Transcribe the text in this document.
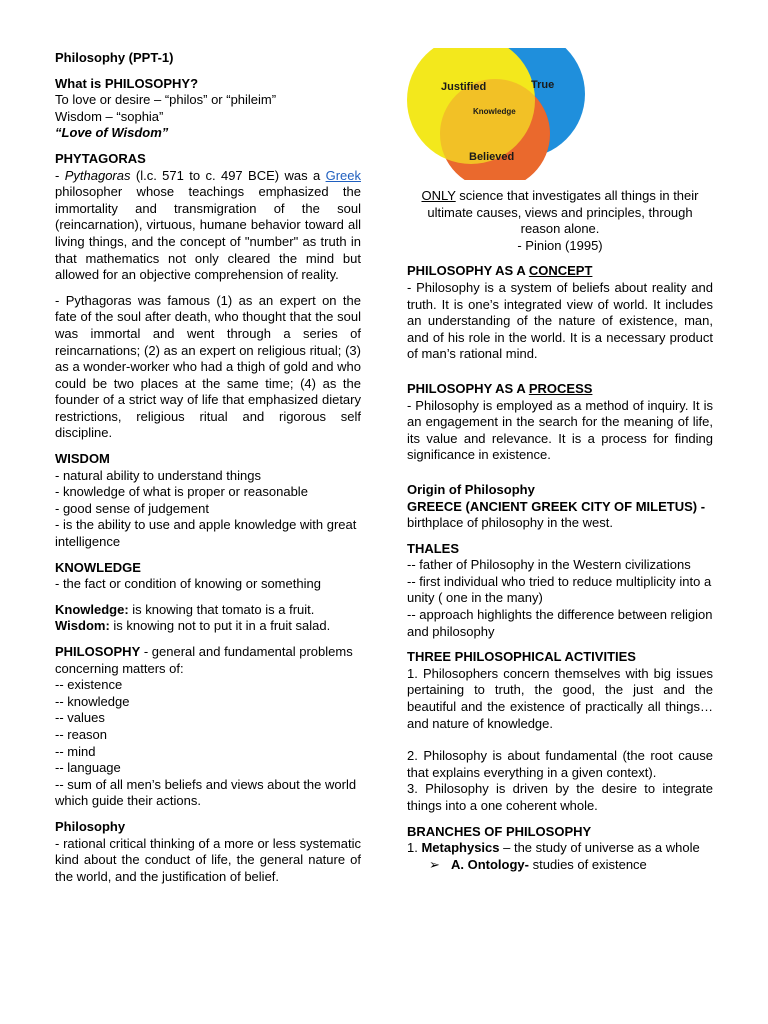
Philosophy (PPT-1)

What is PHILOSOPHY?

To love or desire – “philos” or “phileim”

Wisdom – “sophia”

“Love of Wisdom”

PHYTAGORAS

- Pythagoras (l.c. 571 to c. 497 BCE) was a Greek philosopher whose teachings emphasized the immortality and transmigration of the soul (reincarnation), virtuous, humane behavior toward all living things, and the concept of "number" as truth in that mathematics not only cleared the mind but allowed for an objective comprehension of reality.

- Pythagoras was famous (1) as an expert on the fate of the soul after death, who thought that the soul was immortal and went through a series of reincarnations; (2) as an expert on religious ritual; (3) as a wonder-worker who had a thigh of gold and who could be two places at the same time; (4) as the founder of a strict way of life that emphasized dietary restrictions, religious ritual and rigorous self discipline.

WISDOM

- natural ability to understand things

- knowledge of what is proper or reasonable

- good sense of judgement

- is the ability to use and apple knowledge with great intelligence

KNOWLEDGE

- the fact or condition of knowing or something

Knowledge: is knowing that tomato is a fruit.

Wisdom: is knowing not to put it in a fruit salad.

PHILOSOPHY - general and fundamental problems concerning matters of:

-- existence

-- knowledge

-- values

-- reason

-- mind

-- language

-- sum of all men’s beliefs and views about the world which guide their actions.

Philosophy

- rational critical thinking of a more or less systematic kind about the conduct of life, the general nature of the world, and the justification of belief.

Justified	True
Knowledge
Believed

ONLY science that investigates all things in their ultimate causes, views and principles, through reason alone.

- Pinion (1995)

PHILOSOPHY AS A CONCEPT

- Philosophy is a system of beliefs about reality and truth. It is one’s integrated view of world. It includes an understanding of the nature of existence, man, and of his role in the world. It is a necessary product of man’s rational mind.

PHILOSOPHY AS A PROCESS

- Philosophy is employed as a method of inquiry. It is an engagement in the search for the meaning of life, its value and relevance. It is a process for finding significance in existence.

Origin of Philosophy

GREECE (ANCIENT GREEK CITY OF MILETUS) - birthplace of philosophy in the west.

THALES

-- father of Philosophy in the Western civilizations

-- first individual who tried to reduce multiplicity into a unity ( one in the many)

-- approach highlights the difference between religion and philosophy

THREE PHILOSOPHICAL ACTIVITIES

1. Philosophers concern themselves with big issues pertaining to truth, the good, the just and the beautiful and the existence of practically all things… and nature of knowledge.

2. Philosophy is about fundamental (the root cause that explains everything in a given context).

3. Philosophy is driven by the desire to integrate things into a one coherent whole.

BRANCHES OF PHILOSOPHY

1. Metaphysics – the study of universe as a whole

➢ A. Ontology- studies of existence
